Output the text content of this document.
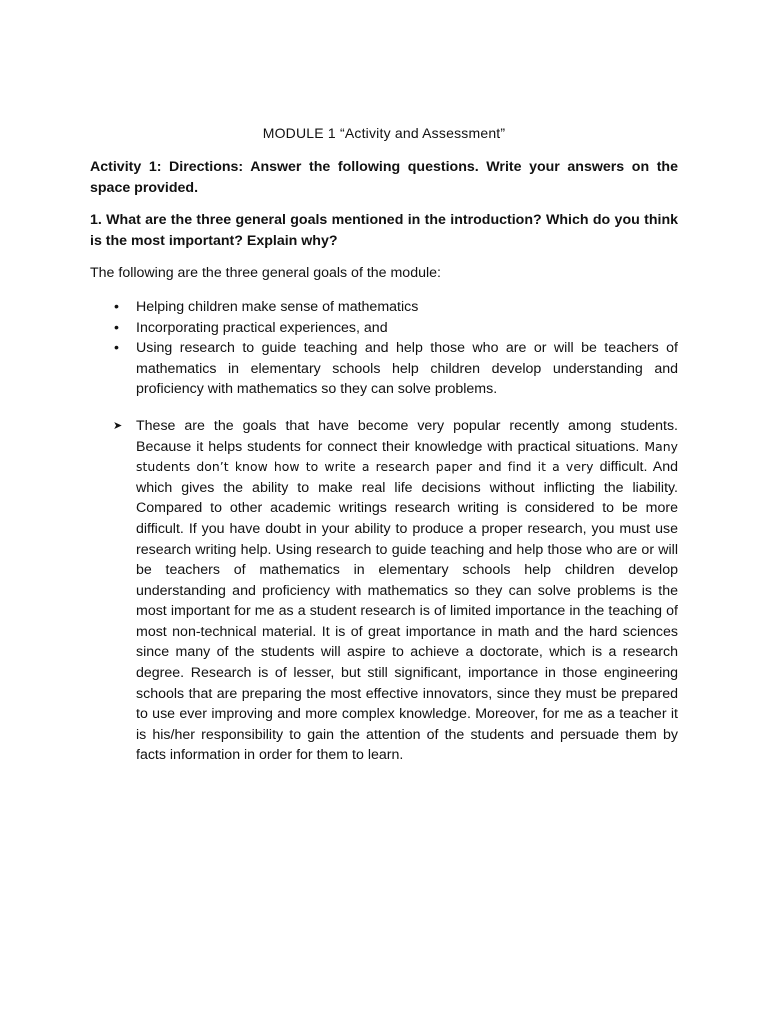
MODULE 1 “Activity and Assessment”

Activity 1: Directions: Answer the following questions. Write your answers on the space provided.

1. What are the three general goals mentioned in the introduction? Which do you think is the most important? Explain why?

The following are the three general goals of the module:

• Helping children make sense of mathematics
• Incorporating practical experiences, and
• Using research to guide teaching and help those who are or will be teachers of mathematics in elementary schools help children develop understanding and proficiency with mathematics so they can solve problems.

➤ These are the goals that have become very popular recently among students. Because it helps students for connect their knowledge with practical situations. Many students don’t know how to write a research paper and find it a very difficult. And which gives the ability to make real life decisions without inflicting the liability. Compared to other academic writings research writing is considered to be more difficult. If you have doubt in your ability to produce a proper research, you must use research writing help. Using research to guide teaching and help those who are or will be teachers of mathematics in elementary schools help children develop understanding and proficiency with mathematics so they can solve problems is the most important for me as a student research is of limited importance in the teaching of most non-technical material. It is of great importance in math and the hard sciences since many of the students will aspire to achieve a doctorate, which is a research degree. Research is of lesser, but still significant, importance in those engineering schools that are preparing the most effective innovators, since they must be prepared to use ever improving and more complex knowledge. Moreover, for me as a teacher it is his/her responsibility to gain the attention of the students and persuade them by facts information in order for them to learn.
